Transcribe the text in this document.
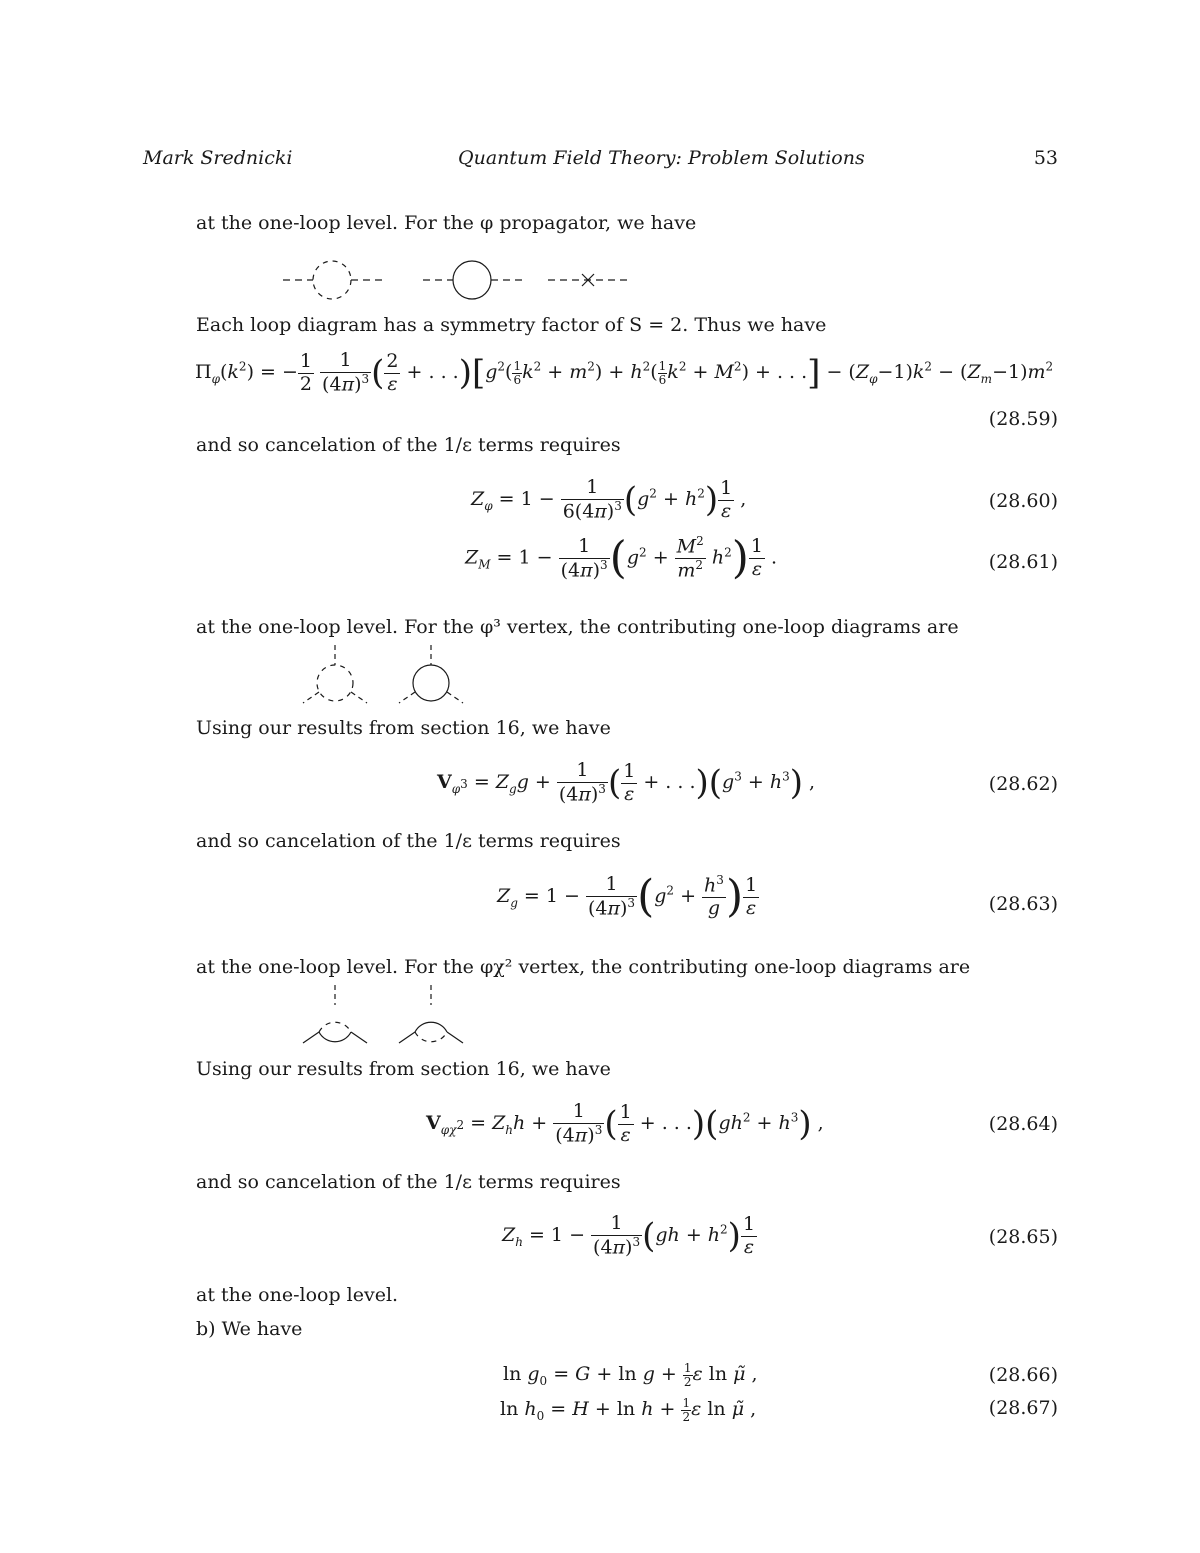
Mark Srednicki	Quantum Field Theory: Problem Solutions	53
at the one-loop level. For the φ propagator, we have
Each loop diagram has a symmetry factor of S = 2. Thus we have
$\Pi_\varphi(k^2)$ = − $\frac{1}{2}$
$\frac{1}{(4\pi)^3}$ ( $\frac{2}{\varepsilon}$ + . . $.)[g^2( \frac{1}{6} k^2 + m^2) + h^2( \frac{1}{6} k^2 + M^2)$ + . . .] − $(Z_\varphi-1)k^2 - (Z_m-1)m^2$
(28.59)
and so cancelation of the 1/ε terms requires
$Z_\varphi = 1 - \frac{1}{6(4\pi)^3} (g^2 + h^2) \frac{1}{\varepsilon}$ ,	(28.60)
$Z_M = 1 - \frac{1}{(4\pi)^3} (g^2 + \frac{M^2}{m^2} h^2) \frac{1}{\varepsilon}$ .	(28.61)
at the one-loop level. For the φ³ vertex, the contributing one-loop diagrams are
Using our results from section 16, we have
$V_{\varphi^3} = Z_gg + \frac{1}{(4\pi)^3}$ ( $\frac{1}{\varepsilon}$ + . . $.)(g^3 + h^3)$ ,	(28.62)
and so cancelation of the 1/ε terms requires
$Z_g = 1 - \frac{1}{(4\pi)^3} (g^2 + \frac{h^3}{g}$ ) $\frac{1}{\varepsilon}$	(28.63)
at the one-loop level. For the φχ² vertex, the contributing one-loop diagrams are
Using our results from section 16, we have
$V_{\varphi\chi^2} = Z_hh + \frac{1}{(4\pi)^3}$ ( $\frac{1}{\varepsilon}$ + . . $.)(gh^2 + h^3)$ ,	(28.64)
and so cancelation of the 1/ε terms requires
$Z_h = 1 - \frac{1}{(4\pi)^3} (gh + h^2) \frac{1}{\varepsilon}$	(28.65)
at the one-loop level.
b) We have
$\ln g_0 = G + \ln g + \frac{1}{2}$ ε ln μ̃ ,	(28.66)
$\ln h_0 = H + \ln h + \frac{1}{2}$ ε ln μ̃ ,	(28.67)
